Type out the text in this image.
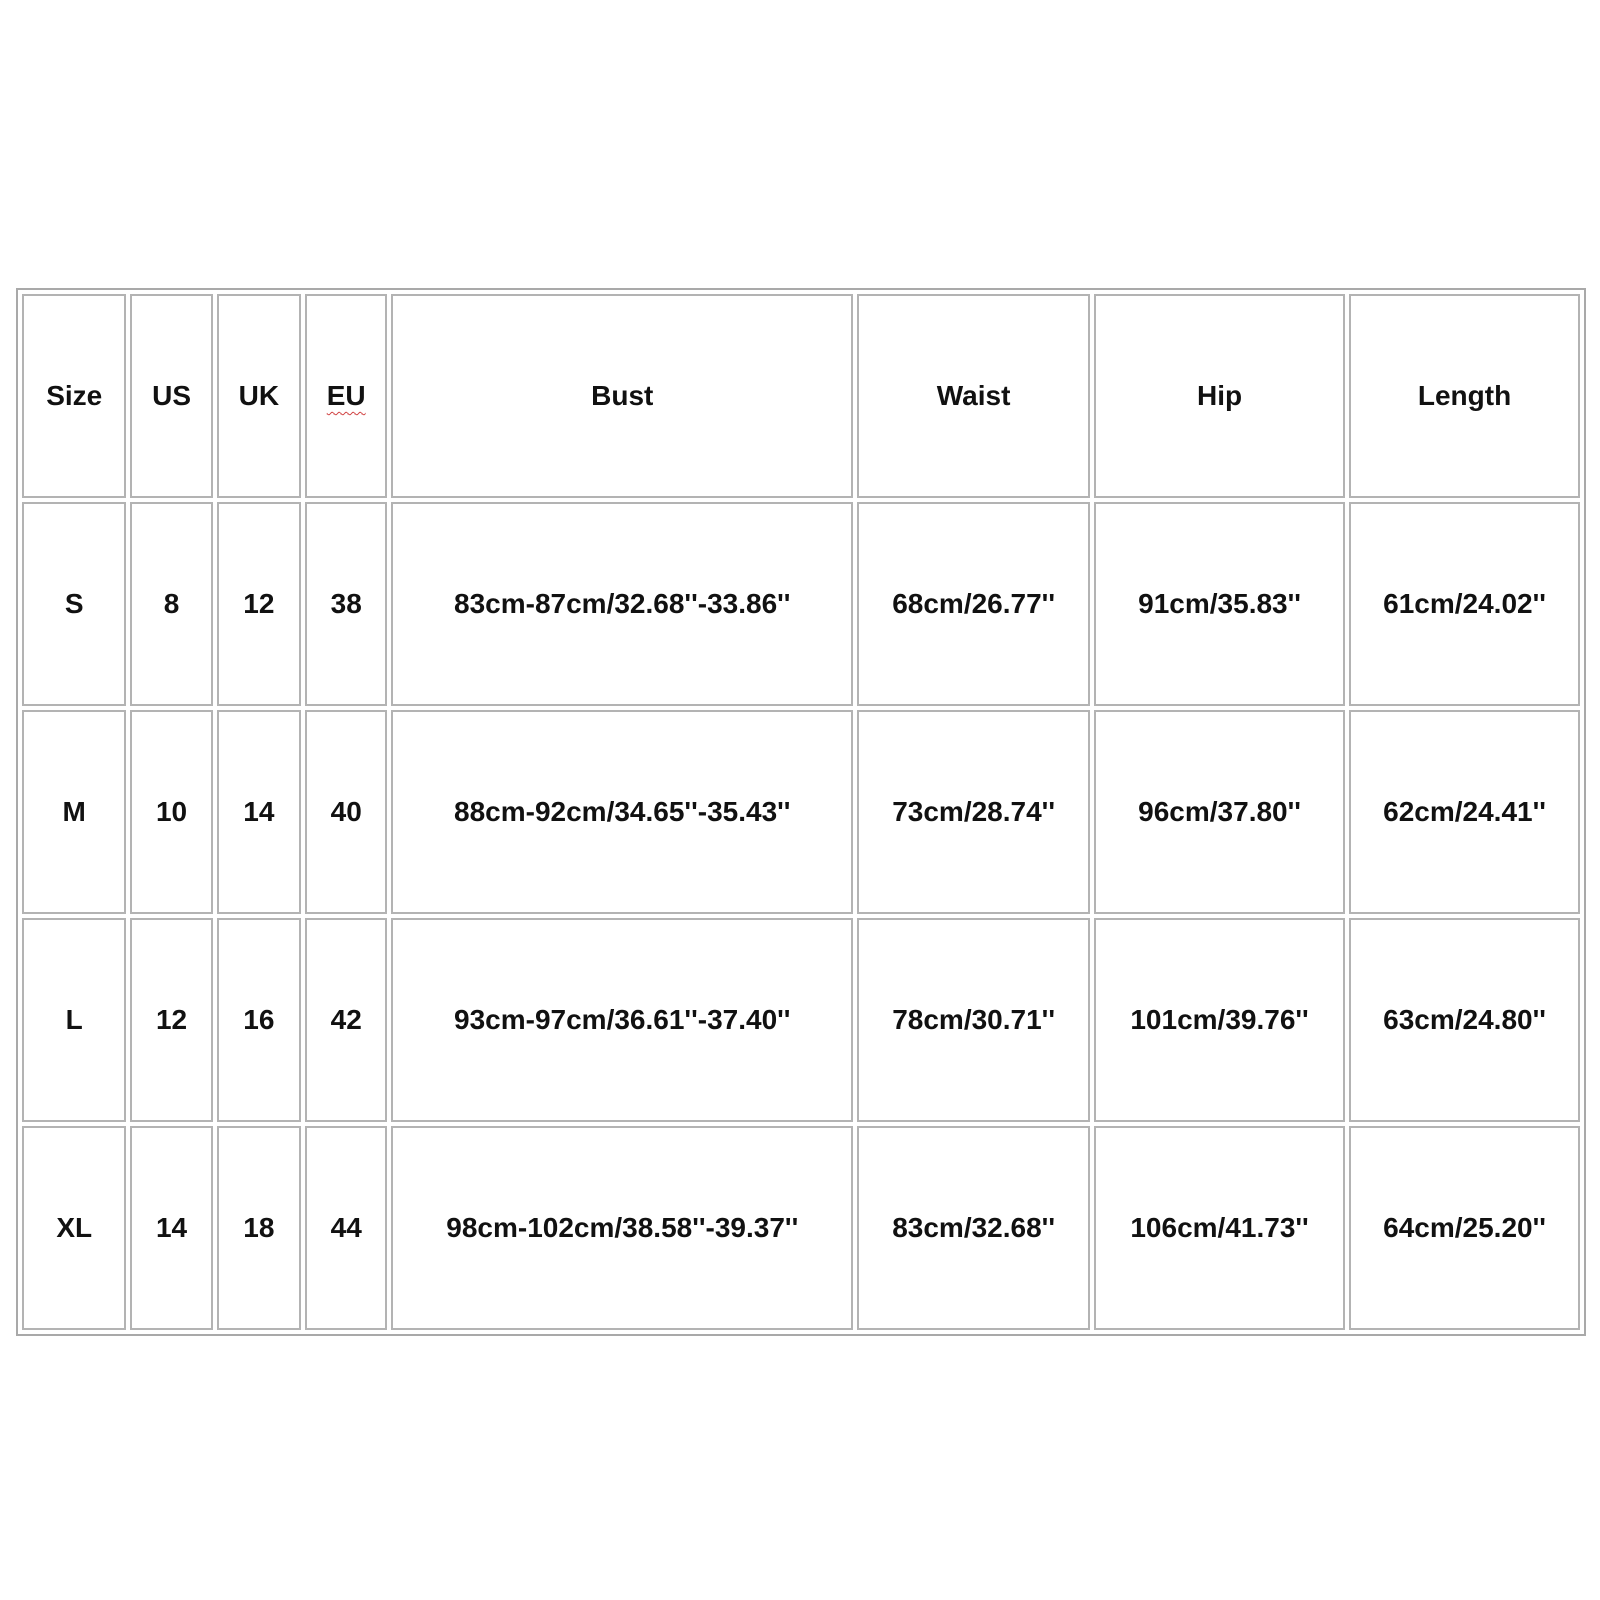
Size	US	UK	EU	Bust	Waist	Hip	Length
S	8	12	38	83cm-87cm/32.68''-33.86''	68cm/26.77''	91cm/35.83''	61cm/24.02''
M	10	14	40	88cm-92cm/34.65''-35.43''	73cm/28.74''	96cm/37.80''	62cm/24.41''
L	12	16	42	93cm-97cm/36.61''-37.40''	78cm/30.71''	101cm/39.76''	63cm/24.80''
XL	14	18	44	98cm-102cm/38.58''-39.37''	83cm/32.68''	106cm/41.73''	64cm/25.20''
